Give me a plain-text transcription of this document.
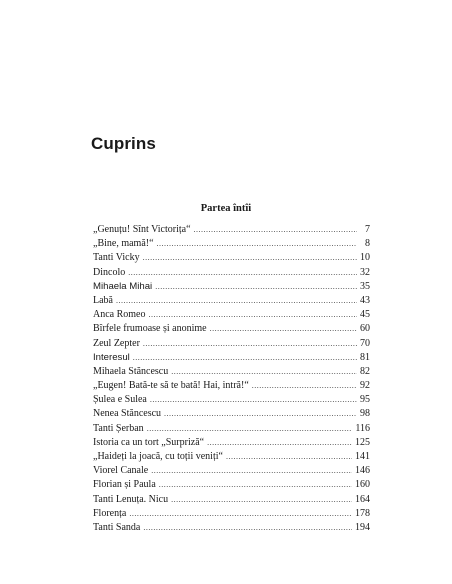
Cuprins
Partea întîi
„Genuțu! Sînt Victorița“ .....	7
„Bine, mamă!“ .....	8
Tanti Vicky .....	10
Dincolo .....	32
Mihaela Mihai .....	35
Labă .....	43
Anca Romeo .....	45
Bîrfele frumoase și anonime .....	60
Zeul Zepter .....	70
Interesul .....	81
Mihaela Stăncescu .....	82
„Eugen! Bată-te să te bată! Hai, intră!“ .....	92
Șulea e Sulea .....	95
Nenea Stăncescu .....	98
Tanti Șerban .....	116
Istoria ca un tort „Surpriză“ .....	125
„Haideți la joacă, cu toții veniți“ .....	141
Viorel Canale .....	146
Florian și Paula .....	160
Tanti Lenuța. Nicu .....	164
Florența .....	178
Tanti Sanda .....	194
